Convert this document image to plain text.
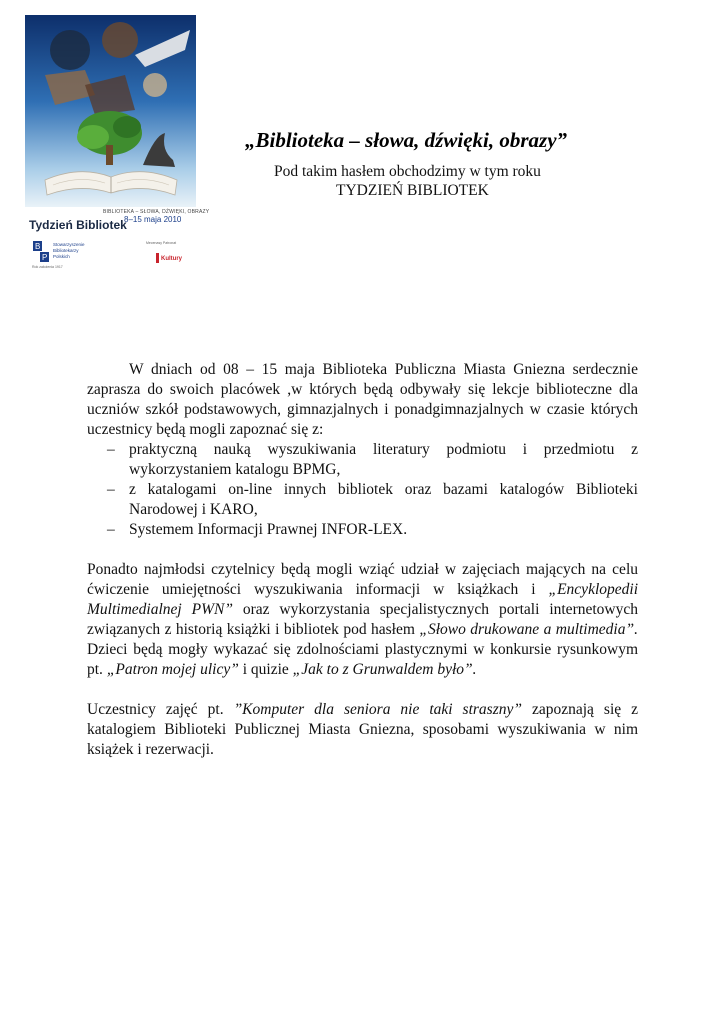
BIBLIOTEKA – SŁOWA, DŹWIĘKI, OBRAZY
Tydzień Bibliotek
8–15 maja 2010
B
P
Stowarzyszenie Bibliotekarzy Polskich
Rok założenia 1917
Mecenasy Patronat
Kultury
„Biblioteka – słowa, dźwięki, obrazy”
Pod takim hasłem obchodzimy w tym roku
TYDZIEŃ BIBLIOTEK

W dniach od 08 – 15 maja Biblioteka Publiczna Miasta Gniezna serdecznie zaprasza do swoich placówek ,w których będą odbywały się lekcje biblioteczne dla uczniów szkół podstawowych, gimnazjalnych i ponadgimnazjalnych w czasie których uczestnicy będą mogli zapoznać się z:

– praktyczną nauką wyszukiwania literatury podmiotu i przedmiotu z wykorzystaniem katalogu BPMG,
– z katalogami on-line innych bibliotek oraz bazami katalogów Biblioteki Narodowej i KARO,
– Systemem Informacji Prawnej INFOR-LEX.

Ponadto najmłodsi czytelnicy będą mogli wziąć udział w zajęciach mających na celu ćwiczenie umiejętności wyszukiwania informacji w książkach i „Encyklopedii Multimedialnej PWN” oraz wykorzystania specjalistycznych portali internetowych związanych z historią książki i bibliotek pod hasłem „Słowo drukowane a multimedia”. Dzieci będą mogły wykazać się zdolnościami plastycznymi w konkursie rysunkowym pt. „Patron mojej ulicy” i quizie „Jak to z Grunwaldem było”.

Uczestnicy zajęć pt. ”Komputer dla seniora nie taki straszny” zapoznają się z katalogiem Biblioteki Publicznej Miasta Gniezna, sposobami wyszukiwania w nim książek i rezerwacji.
